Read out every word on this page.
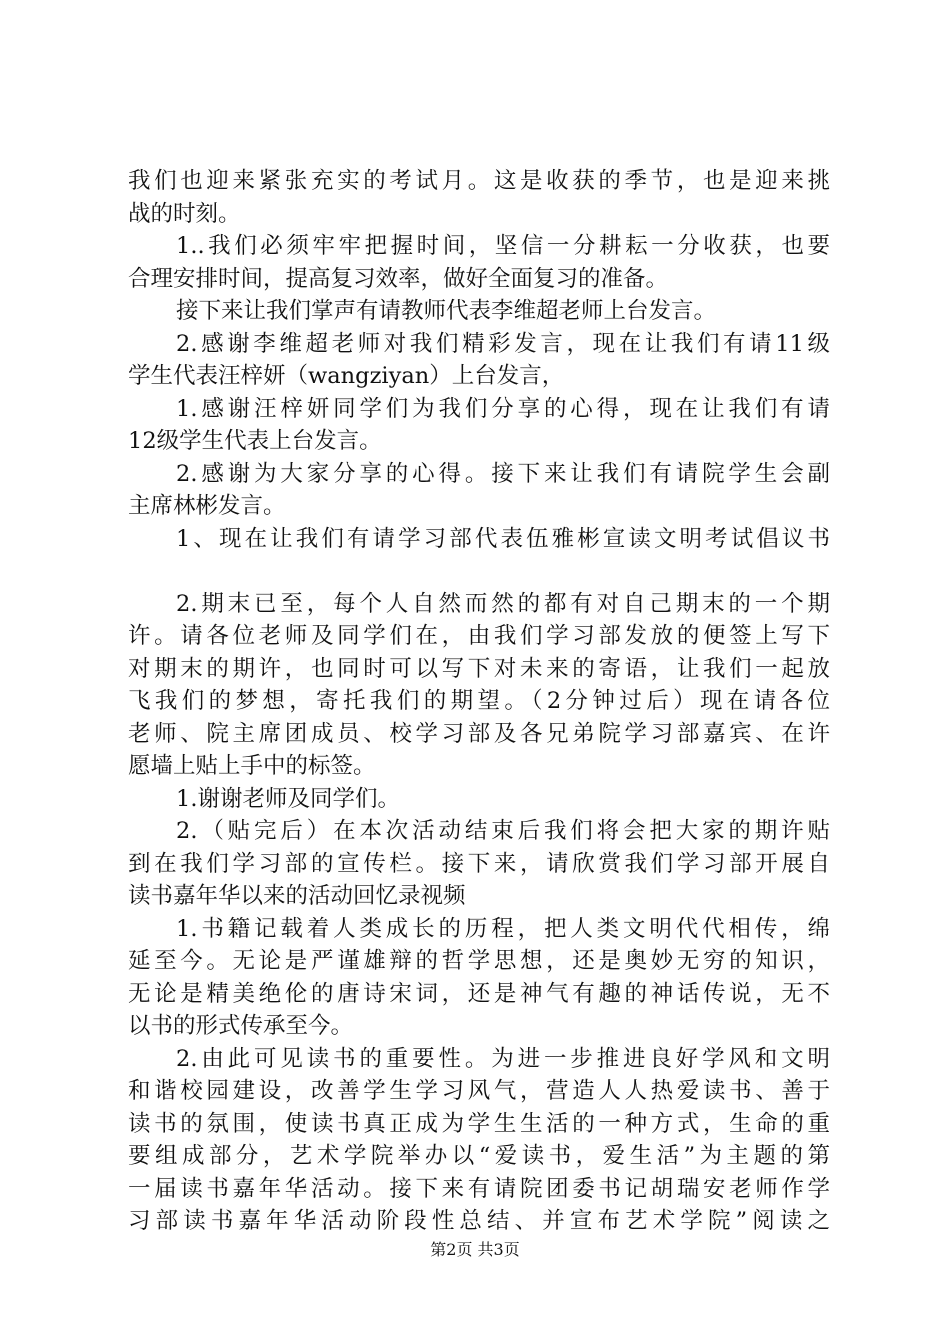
我们也迎来紧张充实的考试月。这是收获的季节，也是迎来挑
战的时刻。
1..我们必须牢牢把握时间，坚信一分耕耘一分收获，也要
合理安排时间，提高复习效率，做好全面复习的准备。
接下来让我们掌声有请教师代表李维超老师上台发言。
2.感谢李维超老师对我们精彩发言，现在让我们有请11级
学生代表汪梓妍（wangziyan）上台发言，
1.感谢汪梓妍同学们为我们分享的心得，现在让我们有请
12级学生代表上台发言。
2.感谢为大家分享的心得。接下来让我们有请院学生会副
主席林彬发言。
1、现在让我们有请学习部代表伍雅彬宣读文明考试倡议书
2.期末已至，每个人自然而然的都有对自己期末的一个期
许。请各位老师及同学们在，由我们学习部发放的便签上写下
对期末的期许，也同时可以写下对未来的寄语，让我们一起放
飞我们的梦想，寄托我们的期望。（2分钟过后）现在请各位
老师、院主席团成员、校学习部及各兄弟院学习部嘉宾、在许
愿墙上贴上手中的标签。
1.谢谢老师及同学们。
2.（贴完后）在本次活动结束后我们将会把大家的期许贴
到在我们学习部的宣传栏。接下来，请欣赏我们学习部开展自
读书嘉年华以来的活动回忆录视频
1.书籍记载着人类成长的历程，把人类文明代代相传，绵
延至今。无论是严谨雄辩的哲学思想，还是奥妙无穷的知识，
无论是精美绝伦的唐诗宋词，还是神气有趣的神话传说，无不
以书的形式传承至今。
2.由此可见读书的重要性。为进一步推进良好学风和文明
和谐校园建设，改善学生学习风气，营造人人热爱读书、善于
读书的氛围，使读书真正成为学生生活的一种方式，生命的重
要组成部分，艺术学院举办以“爱读书，爱生活”为主题的第
一届读书嘉年华活动。接下来有请院团委书记胡瑞安老师作学
习部读书嘉年华活动阶段性总结、并宣布艺术学院”阅读之
第2页 共3页
